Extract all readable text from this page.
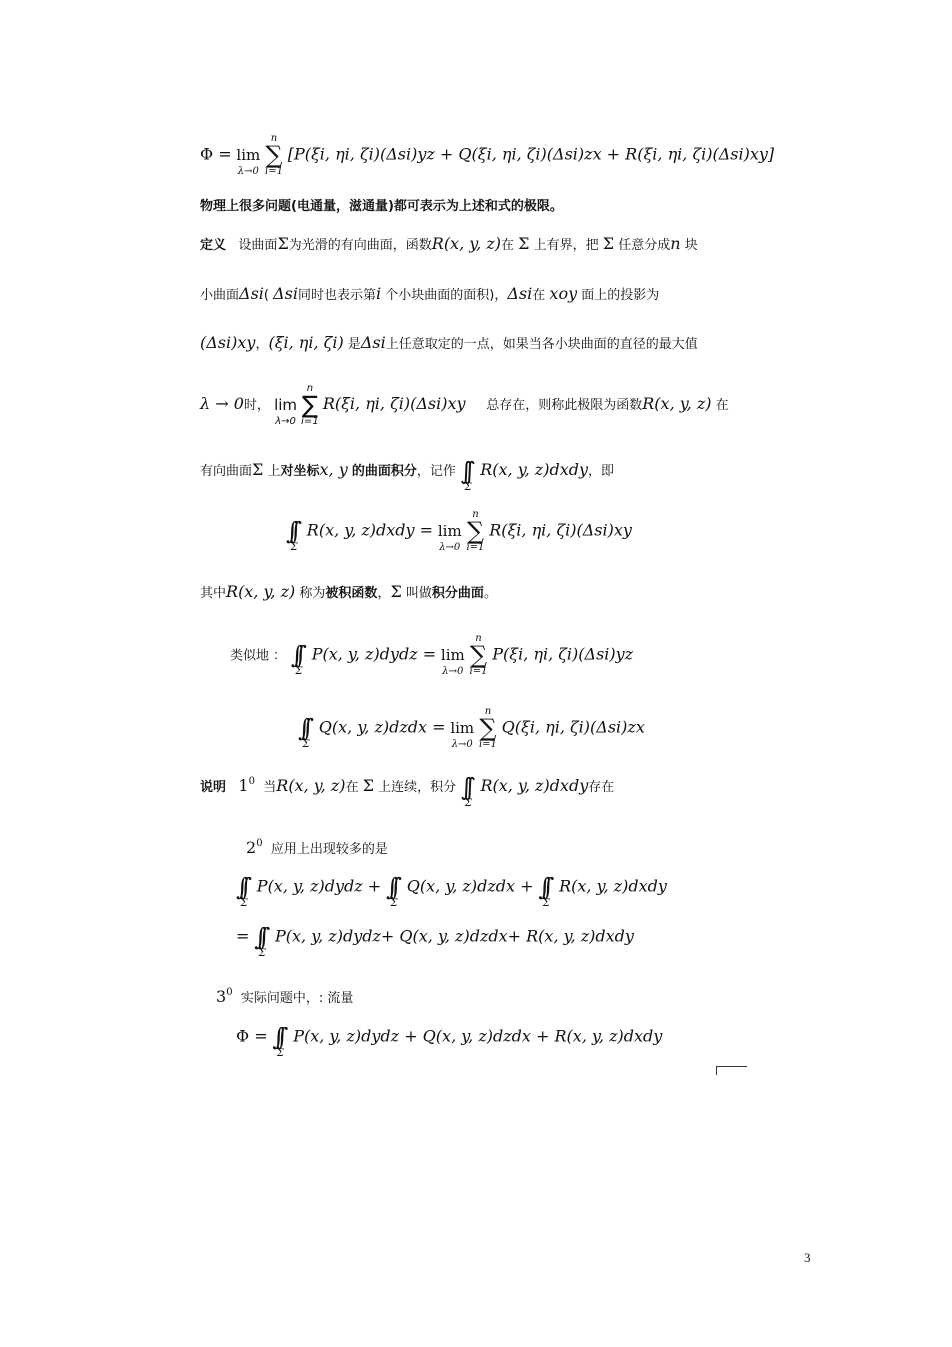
Φ = lim
λ→0

n
∑
i=1
[P(ξi, ηi, ζi)(Δsi)yz + Q(ξi, ηi, ζi)(Δsi)zx + R(ξi, ηi, ζi)(Δsi)xy]
物理上很多问题(电通量，滋通量)都可表示为上述和式的极限。
定义 设曲面Σ为光滑的有向曲面，函数R(x, y, z)在 Σ 上有界，把 Σ 任意分成n 块
小曲面Δsi( Δsi同时也表示第i 个小块曲面的面积)，Δsi在 xoy 面上的投影为
(Δsi)xy，(ξi, ηi, ζi) 是Δsi上任意取定的一点，如果当各小块曲面的直径的最大值
λ → 0时， lim
λ→0

n
∑
i=1
R(ξi, ηi, ζi)(Δsi)xy 总存在，则称此极限为函数R(x, y, z) 在
有向曲面Σ 上对坐标x, y 的曲面积分，记作 ∫∫
Σ
R(x, y, z)dxdy，即
∫∫
Σ
R(x, y, z)dxdy = lim
λ→0

n
∑
i=1
R(ξi, ηi, ζi)(Δsi)xy
其中R(x, y, z) 称为被积函数，Σ 叫做积分曲面。
类似地 ： ∫∫
Σ
P(x, y, z)dydz = lim
λ→0

n
∑
i=1
P(ξi, ηi, ζi)(Δsi)yz
∫∫
Σ
Q(x, y, z)dzdx = lim
λ→0

n
∑
i=1
Q(ξi, ηi, ζi)(Δsi)zx
说明 $1^0$ 当R(x, y, z)在 Σ 上连续，积分 ∫∫
Σ
R(x, y, z)dxdy存在
$2^0$ 应用上出现较多的是
∫∫
Σ
P(x, y, z)dydz + ∫∫
Σ
Q(x, y, z)dzdx + ∫∫
Σ
R(x, y, z)dxdy
= ∫∫
Σ
P(x, y, z)dydz+ Q(x, y, z)dzdx+ R(x, y, z)dxdy
$3^0$ 实际问题中，: 流量
Φ = ∫∫
Σ
P(x, y, z)dydz + Q(x, y, z)dzdx + R(x, y, z)dxdy
3
